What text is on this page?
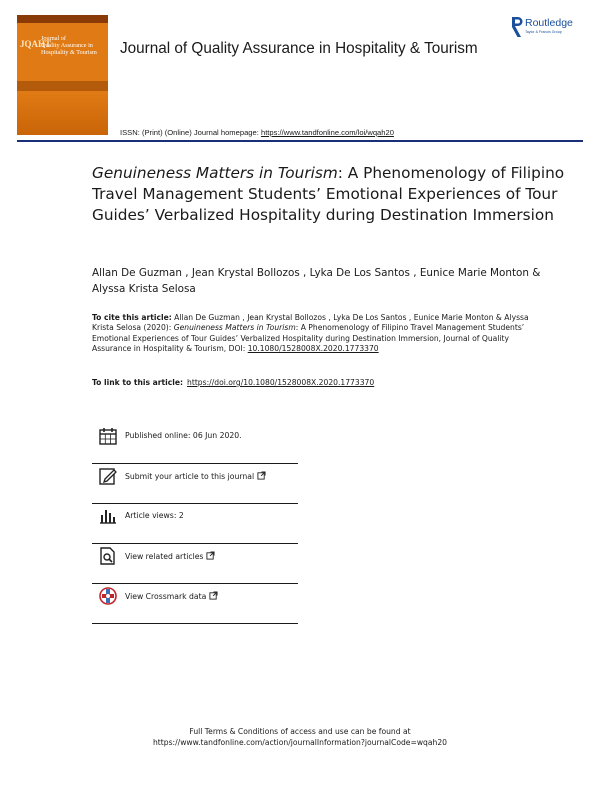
JQAHT
Journal of
Quality Assurance in
Hospitality & Tourism	Journal of Quality Assurance in Hospitality & Tourism
Routledge
Taylor & Francis Group
ISSN: (Print) (Online) Journal homepage: https://www.tandfonline.com/loi/wqah20
Genuineness Matters in Tourism: A Phenomenology of Filipino Travel Management Students’ Emotional Experiences of Tour Guides’ Verbalized Hospitality during Destination Immersion
Allan De Guzman , Jean Krystal Bollozos , Lyka De Los Santos , Eunice Marie Monton & Alyssa Krista Selosa
To cite this article: Allan De Guzman , Jean Krystal Bollozos , Lyka De Los Santos , Eunice Marie Monton & Alyssa Krista Selosa (2020): Genuineness Matters in Tourism: A Phenomenology of Filipino Travel Management Students’ Emotional Experiences of Tour Guides’ Verbalized Hospitality during Destination Immersion, Journal of Quality Assurance in Hospitality & Tourism, DOI: 10.1080/1528008X.2020.1773370
To link to this article: https://doi.org/10.1080/1528008X.2020.1773370
Published online: 06 Jun 2020.
Submit your article to this journal
Article views: 2
View related articles
View Crossmark data
Full Terms & Conditions of access and use can be found at
https://www.tandfonline.com/action/journalInformation?journalCode=wqah20
